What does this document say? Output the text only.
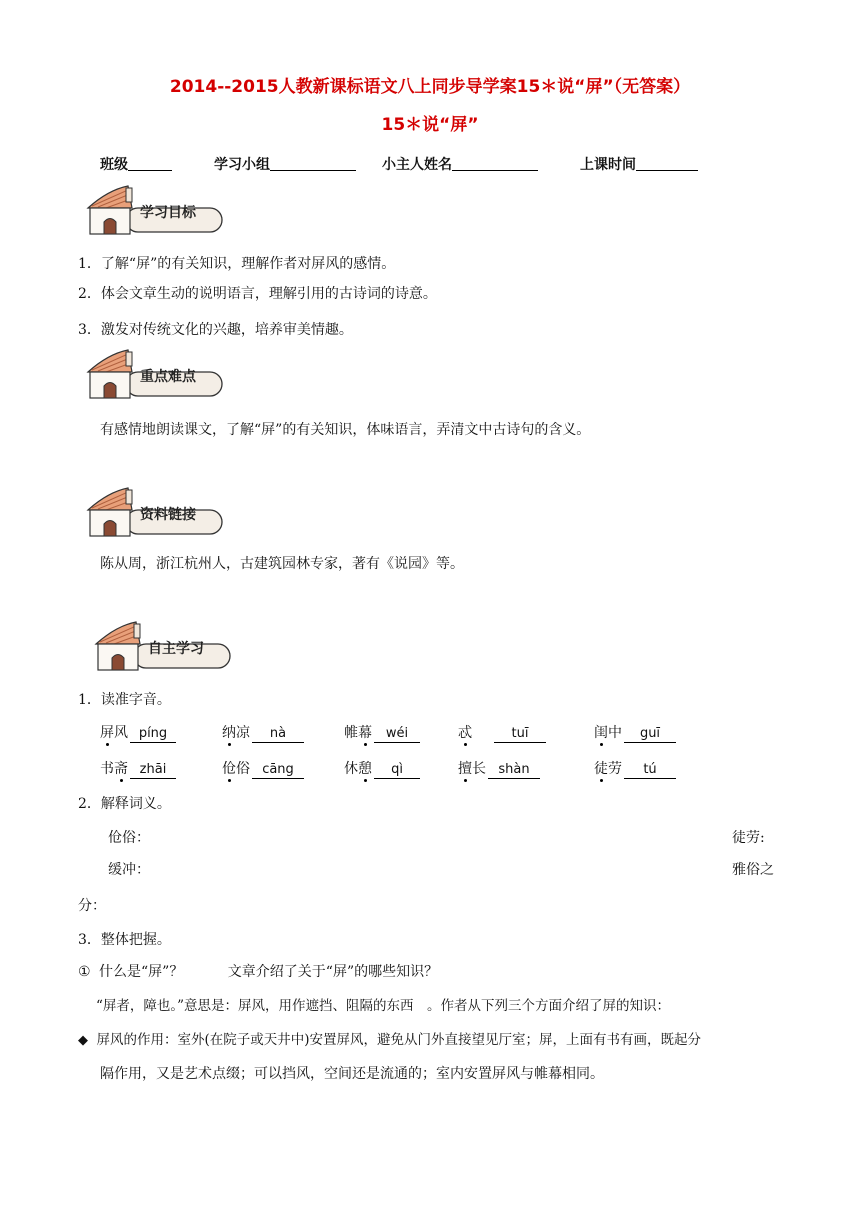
2014--2015人教新课标语文八上同步导学案15＊说“屏”（无答案）
15＊说“屏”
班级	学习小组	小主人姓名	上课时间
学习目标
1．了解“屏”的有关知识，理解作者对屏风的感情。
2．体会文章生动的说明语言，理解引用的古诗词的诗意。
3．激发对传统文化的兴趣，培养审美情趣。
重点难点
有感情地朗读课文，了解“屏”的有关知识，体味语言，弄清文中古诗句的含义。
资料链接
陈从周，浙江杭州人，古建筑园林专家，著有《说园》等。
自主学习
1．读准字音。
屏风 píng	纳凉 nà	帷幕 wéi	忒	tuī	闺中 guī
书斋 zhāi	伧俗 cāng	休憩 qì	擅长 shàn	徒劳 tú
2．解释词义。
伧俗：	徒劳:
缓冲：	雅俗之
分：
3．整体把握。
① 什么是“屏”？	文章介绍了关于“屏”的哪些知识？
“屏者，障也。”意思是：屏风，用作遮挡、阻隔的东西　。作者从下列三个方面介绍了屏的知识：
◆ 屏风的作用：室外(在院子或天井中)安置屏风，避免从门外直接望见厅室；屏，上面有书有画，既起分
隔作用，又是艺术点缀；可以挡风，空间还是流通的；室内安置屏风与帷幕相同。
